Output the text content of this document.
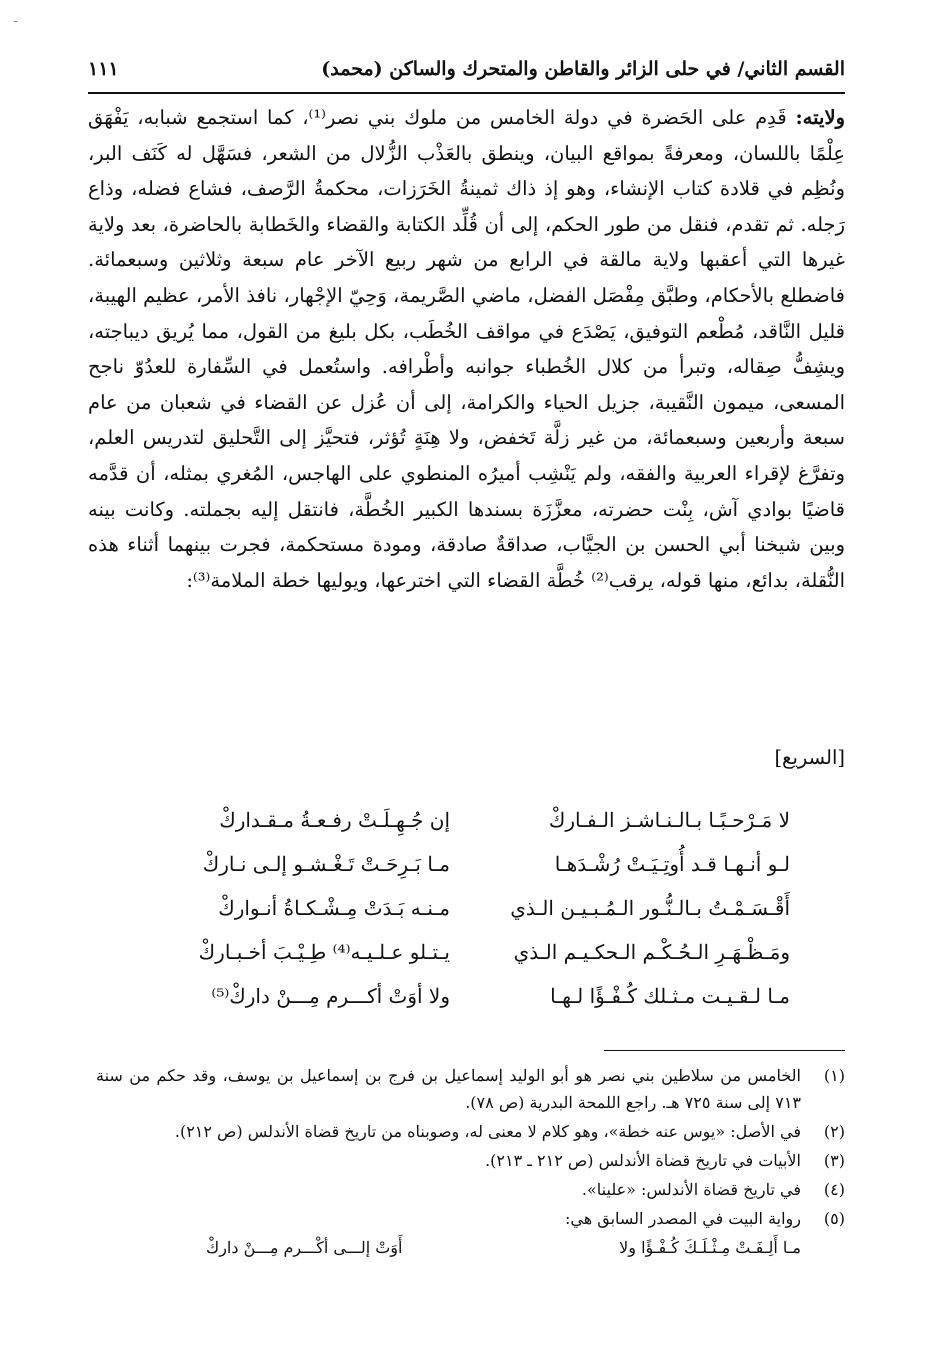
ـ
القسم الثاني/ في حلى الزائر والقاطن والمتحرك والساكن (محمد)
١١١

ولايته: قَدِم على الحَضرة في دولة الخامس من ملوك بني نصر⁽¹⁾، كما استجمع شبابه، يَفْهَق عِلْمًا باللسان، ومعرفةً بمواقع البيان، وينطق بالعَذْب الزُّلال من الشعر، فسَهَّل له كَنَف البر، ونُظِم في قلادة كتاب الإنشاء، وهو إذ ذاك ثمينةُ الخَرَزات، محكمةُ الرَّصف، فشاع فضله، وذاع رَجله. ثم تقدم، فنقل من طور الحكم، إلى أن قُلِّد الكتابة والقضاء والخَطابة بالحاضرة، بعد ولاية غيرها التي أعقبها ولاية مالقة في الرابع من شهر ربيع الآخر عام سبعة وثلاثين وسبعمائة. فاضطلع بالأحكام، وطبَّق مِفْصَل الفضل، ماضي الصَّريمة، وَحِيّ الإجْهار، نافذ الأمر، عظيم الهيبة، قليل النَّاقد، مُطْعم التوفيق، يَصْدَع في مواقف الخُطَب، بكل بليغ من القول، مما يُريق ديباجته، ويشِفُّ صِقاله، وتبرأ من كلال الخُطباء جوانبه وأطْرافه. واستُعمل في السِّفارة للعدُوّ ناجح المسعى، ميمون النَّقيبة، جزيل الحياء والكرامة، إلى أن عُزل عن القضاء في شعبان من عام سبعة وأربعين وسبعمائة، من غير زلَّة تَخفض، ولا هِنَةٍ تُؤثر، فتحيَّز إلى التَّحليق لتدريس العلم، وتفرَّغ لإقراء العربية والفقه، ولم يَنْشِب أميرُه المنطوي على الهاجس، المُغري بمثله، أن قدَّمه قاضيًا بوادي آش، بِنْت حضرته، معزَّزَة بسندها الكبير الخُطَّة، فانتقل إليه بجملته. وكانت بينه وبين شيخنا أبي الحسن بن الجيَّاب، صداقةٌ صادقة، ومودة مستحكمة، فجرت بينهما أثناء هذه النُّقلة، بدائع، منها قوله، يرقب⁽²⁾ خُطَّة القضاء التي اخترعها، ويوليها خطة الملامة⁽³⁾:

[السريع]
لا مَـرْحـبًـا بـالـنـاشـز الـفـاركْ
إن جُـهِـلَـتْ رفـعـةُ مـقـداركْ
لـو أنـهـا قـد أُوتِـيَـتْ رُشْـدَهـا
مـا بَـرِحَـتْ تَـغْـشـو إلـى نـاركْ
أَقْـسَـمْـتُ بـالـنُّـور الـمُـبـيـن الـذي
مـنـه بَـدَتْ مِـشْـكـاةُ أنـواركْ
ومَـظْـهَـرِ الـحُـكْـم الـحكـيـم الـذي
يـتـلو عـلـيـه⁽⁴⁾ طِـيْـبَ أخـبـاركْ
مـا لـقـيـت مـثـلك كُـفْـؤًا لـهـا
ولا أوَتْ أكـــرم مِـــنْ داركْ⁽⁵⁾
(١)
الخامس من سلاطين بني نصر هو أبو الوليد إسماعيل بن فرج بن إسماعيل بن يوسف، وقد حكم من سنة ٧١٣ إلى سنة ٧٢٥ هـ. راجع اللمحة البدرية (ص ٧٨).
(٢)
في الأصل: «يوس عنه خطة»، وهو كلام لا معنى له، وصوبناه من تاريخ قضاة الأندلس (ص ٢١٢).
(٣)
الأبيات في تاريخ قضاة الأندلس (ص ٢١٢ ـ ٢١٣).
(٤)
في تاريخ قضاة الأندلس: «علينا».
(٥)
رواية البيت في المصدر السابق هي:
مـا أَلِـفَـتْ مِـثْـلَـكَ كُـفْـؤًا ولا
أَوَتْ إلـــى أكْـــرم مِـــنْ داركْ
